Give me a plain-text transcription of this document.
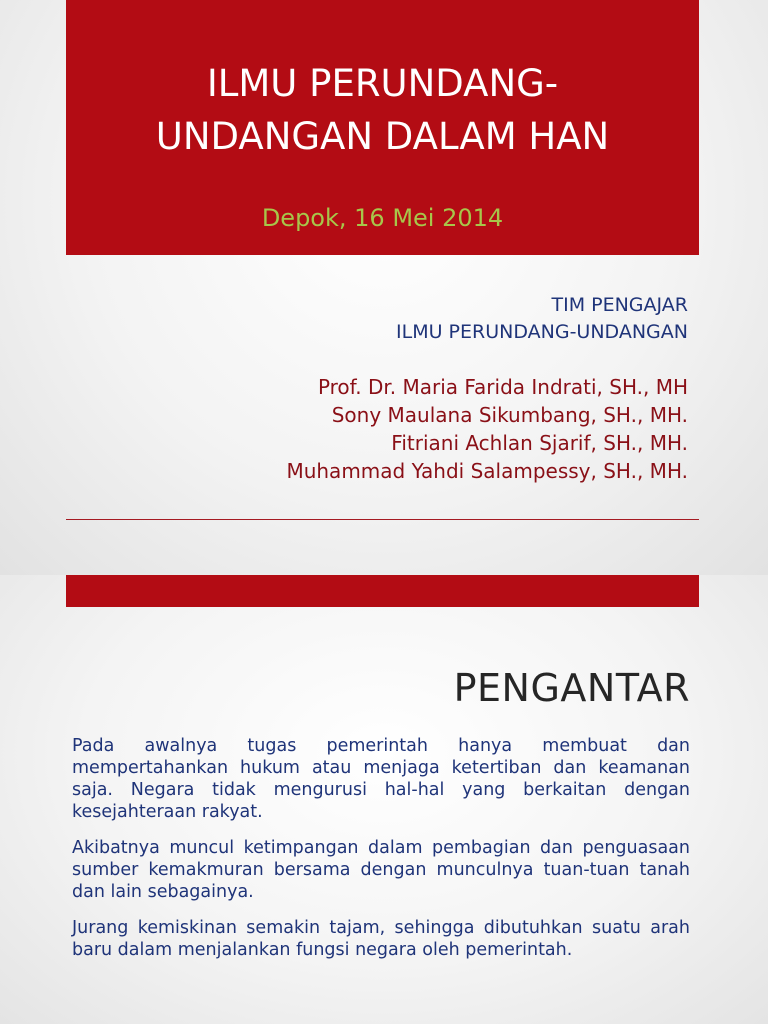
ILMU PERUNDANG-
UNDANGAN DALAM HAN
Depok, 16 Mei 2014
TIM PENGAJAR
ILMU PERUNDANG-UNDANGAN
Prof. Dr. Maria Farida Indrati, SH., MH
Sony Maulana Sikumbang, SH., MH.
Fitriani Achlan Sjarif, SH., MH.
Muhammad Yahdi Salampessy, SH., MH.
PENGANTAR

Pada awalnya tugas pemerintah hanya membuat dan mempertahankan hukum atau menjaga ketertiban dan keamanan saja. Negara tidak mengurusi hal-hal yang berkaitan dengan kesejahteraan rakyat.

Akibatnya muncul ketimpangan dalam pembagian dan penguasaan sumber kemakmuran bersama dengan munculnya tuan-tuan tanah dan lain sebagainya.

Jurang kemiskinan semakin tajam, sehingga dibutuhkan suatu arah baru dalam menjalankan fungsi negara oleh pemerintah.
